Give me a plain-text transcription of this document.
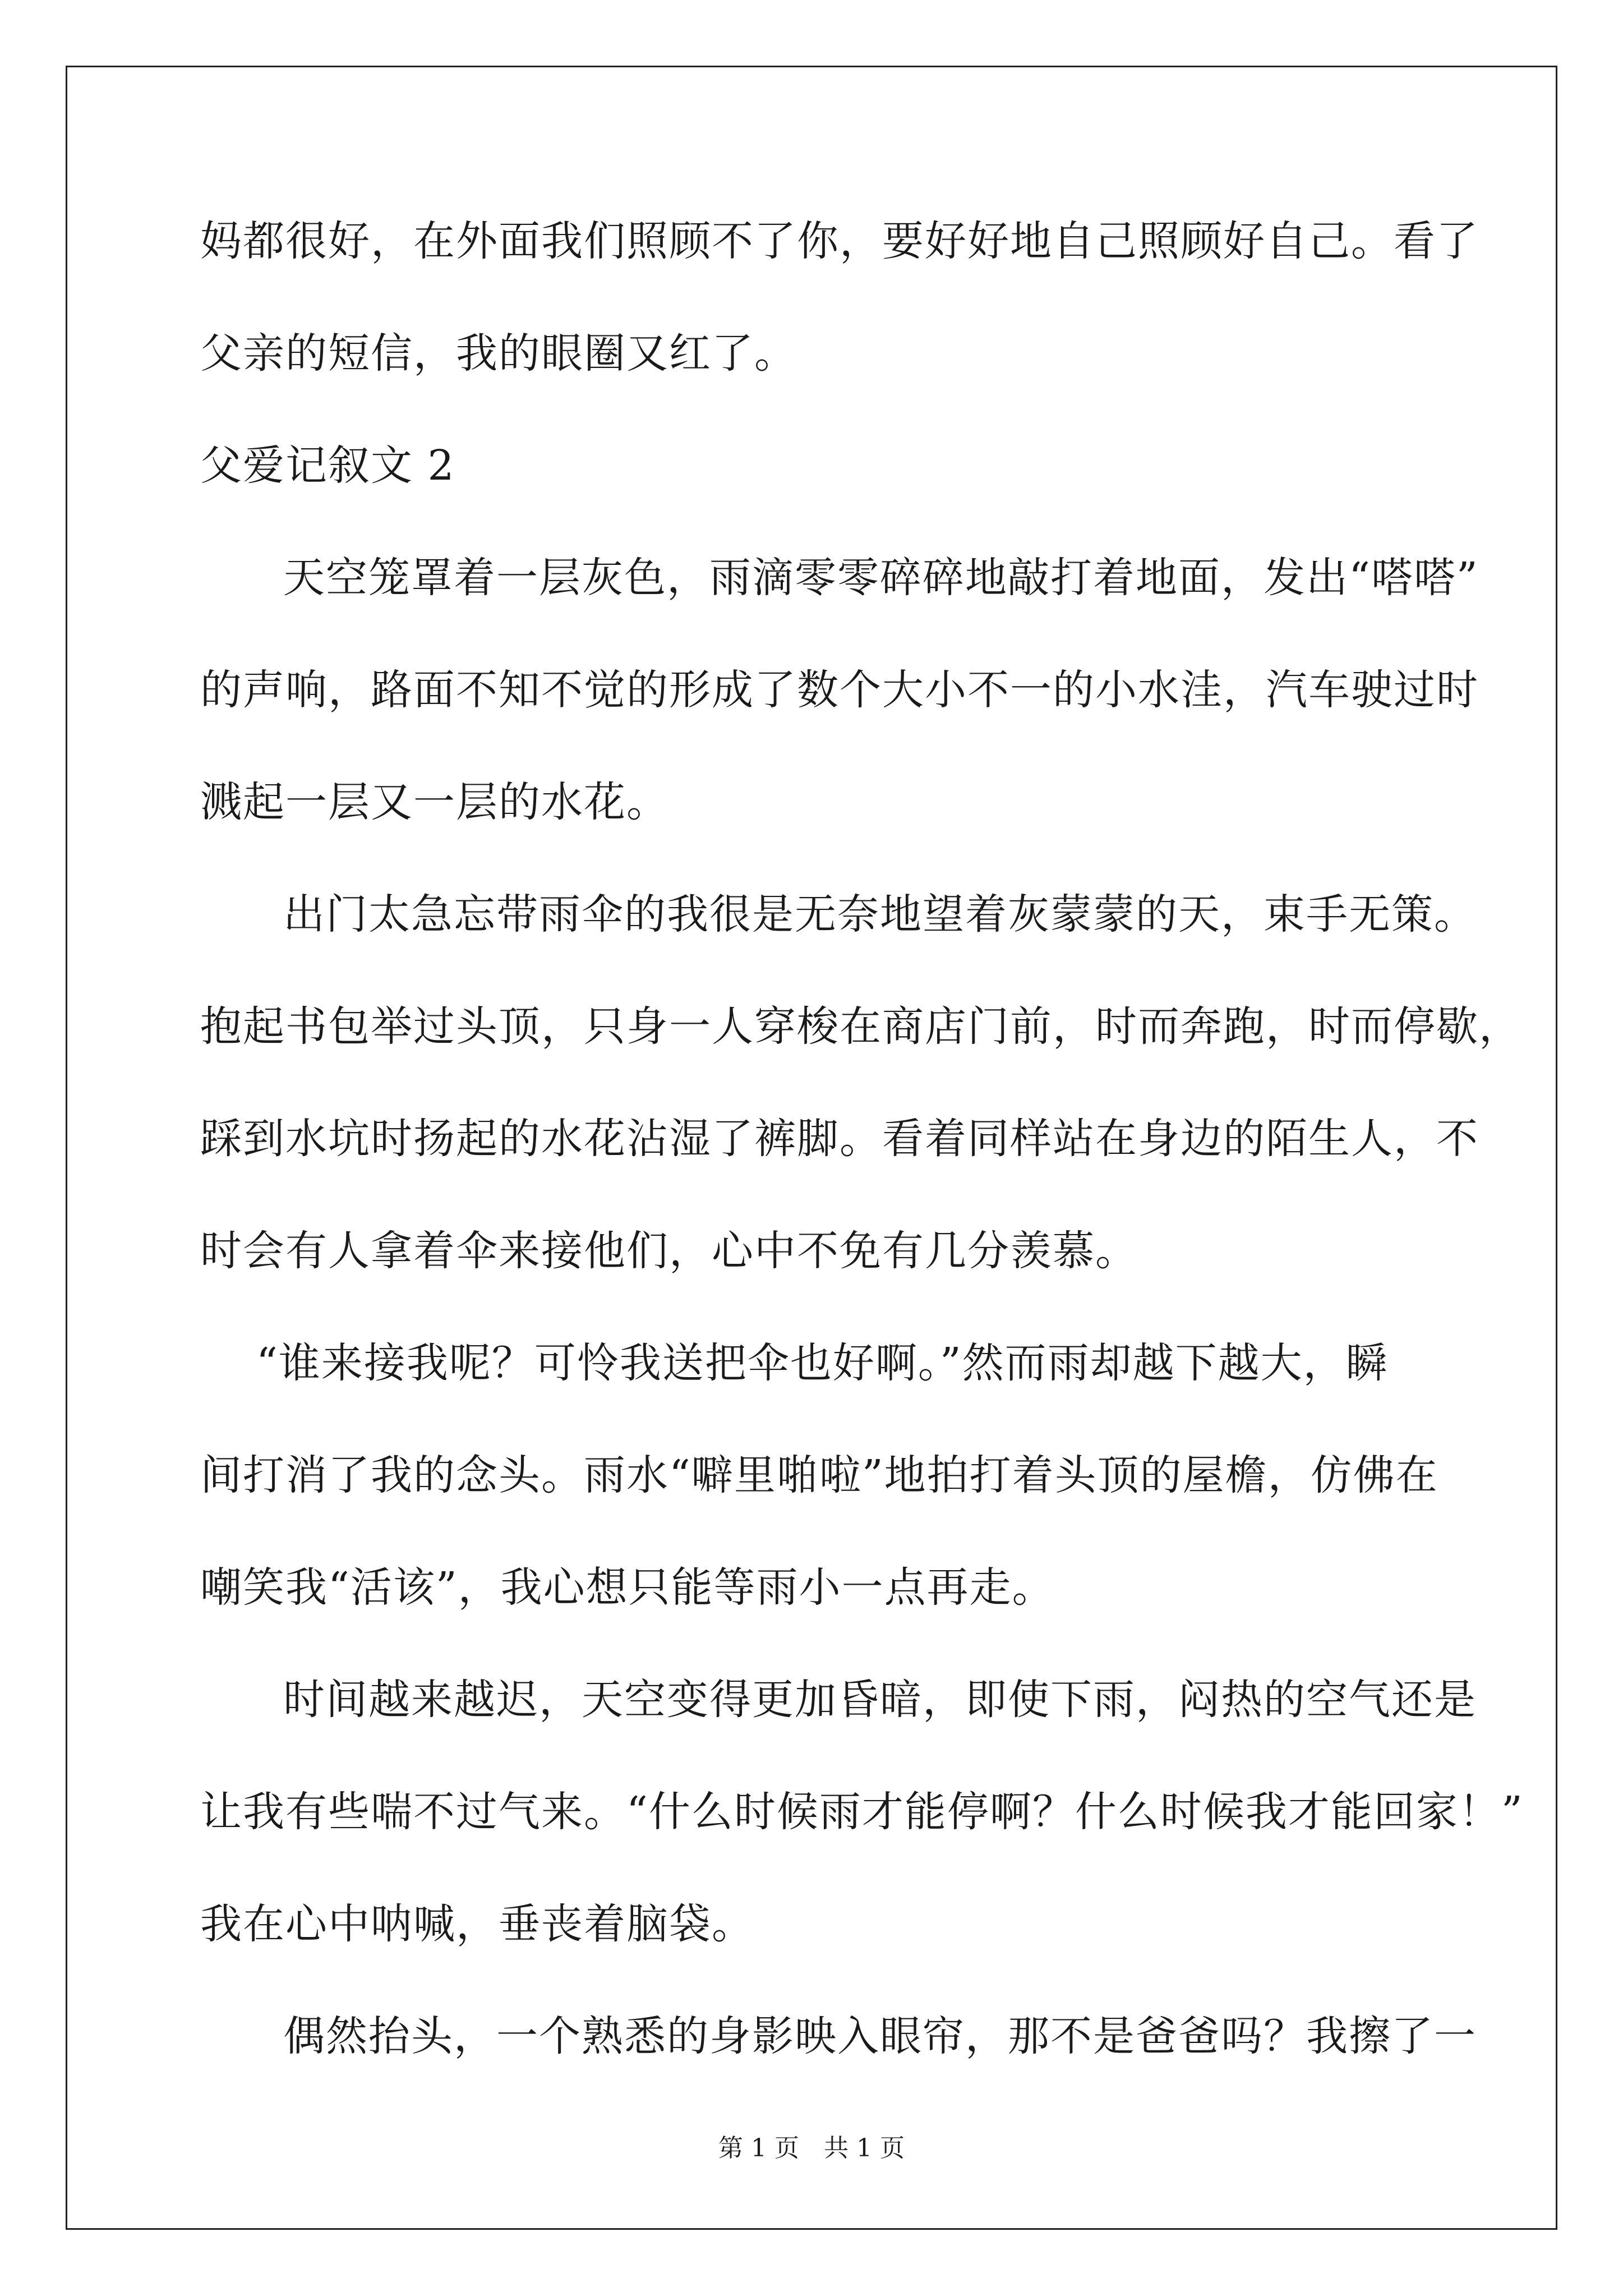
妈都很好，在外面我们照顾不了你，要好好地自己照顾好自己。看了
父亲的短信，我的眼圈又红了。
父爱记叙文 2
天空笼罩着一层灰色，雨滴零零碎碎地敲打着地面，发出“嗒嗒”
的声响，路面不知不觉的形成了数个大小不一的小水洼，汽车驶过时
溅起一层又一层的水花。
出门太急忘带雨伞的我很是无奈地望着灰蒙蒙的天，束手无策。
抱起书包举过头顶，只身一人穿梭在商店门前，时而奔跑，时而停歇，
踩到水坑时扬起的水花沾湿了裤脚。看着同样站在身边的陌生人，不
时会有人拿着伞来接他们，心中不免有几分羡慕。
“谁来接我呢？可怜我送把伞也好啊。”然而雨却越下越大，瞬
间打消了我的念头。雨水“噼里啪啦”地拍打着头顶的屋檐，仿佛在
嘲笑我“活该”，我心想只能等雨小一点再走。
时间越来越迟，天空变得更加昏暗，即使下雨，闷热的空气还是
让我有些喘不过气来。“什么时候雨才能停啊？什么时候我才能回家！”
我在心中呐喊，垂丧着脑袋。
偶然抬头，一个熟悉的身影映入眼帘，那不是爸爸吗？我擦了一
第 1 页　共 1 页
